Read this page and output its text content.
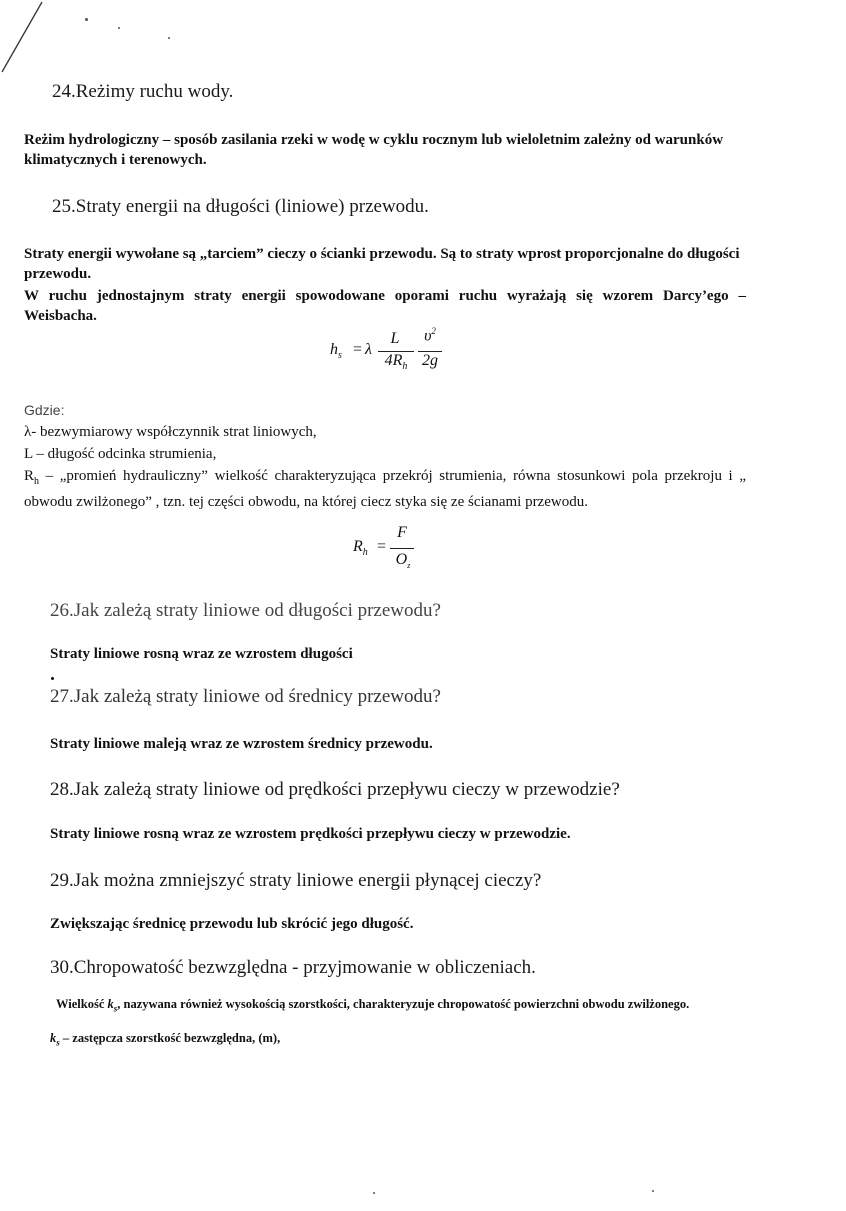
24.Reżimy ruchu wody.
Reżim hydrologiczny – sposób zasilania rzeki w wodę w cyklu rocznym lub wieloletnim zależny od warunków klimatycznych i terenowych.
25.Straty energii na długości (liniowe) przewodu.
Straty energii wywołane są „tarciem” cieczy o ścianki przewodu. Są to straty wprost proporcjonalne do długości przewodu.
W ruchu jednostajnym straty energii spowodowane oporami ruchu wyrażają się wzorem Darcy’ego – Weisbacha.
$h_s = \lambda$
L
$4R_h$
$\upsilon^2$
2g
Gdzie:
λ- bezwymiarowy współczynnik strat liniowych,
L – długość odcinka strumienia,
$R_h$ – „promień hydrauliczny” wielkość charakteryzująca przekrój strumienia, równa stosunkowi pola przekroju i „ obwodu zwilżonego” , tzn. tej części obwodu, na której ciecz styka się ze ścianami przewodu.
$R_h$ =
F
$O_z$
26.Jak zależą straty liniowe od długości przewodu?
Straty liniowe rosną wraz ze wzrostem długości
27.Jak zależą straty liniowe od średnicy przewodu?
Straty liniowe maleją wraz ze wzrostem średnicy przewodu.
28.Jak zależą straty liniowe od prędkości przepływu cieczy w przewodzie?
Straty liniowe rosną wraz ze wzrostem prędkości przepływu cieczy w przewodzie.
29.Jak można zmniejszyć straty liniowe energii płynącej cieczy?
Zwiększając średnicę przewodu lub skrócić jego długość.
30.Chropowatość bezwzględna - przyjmowanie w obliczeniach.
Wielkość $k_s$, nazywana również wysokością szorstkości, charakteryzuje chropowatość powierzchni obwodu zwilżonego.
$k_s$ – zastępcza szorstkość bezwzględna, (m),
